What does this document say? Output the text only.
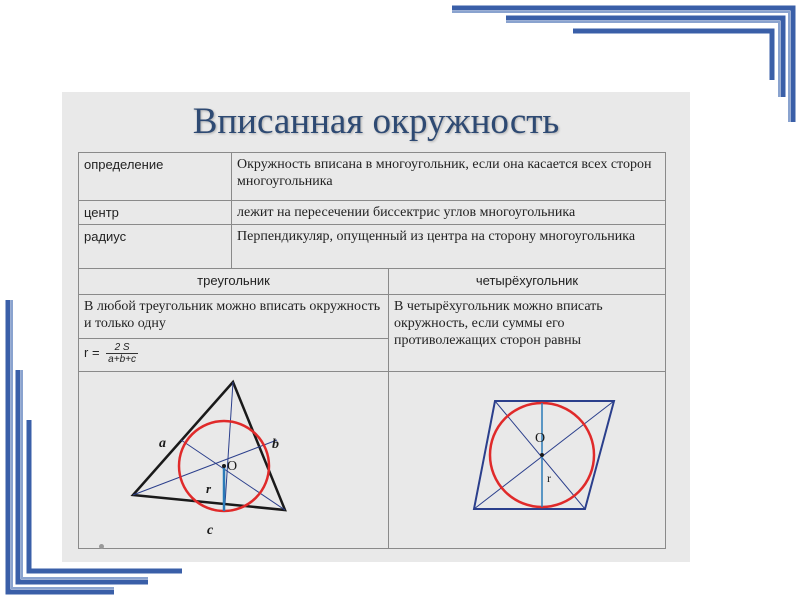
Вписанная окружность
определение	Окружность вписана в многоугольник, если она касается всех сторон многоугольника	
центр	лежит на пересечении биссектрис углов многоугольника	
радиус	Перпендикуляр, опущенный из центра на сторону многоугольника	
треугольник		четырёхугольник
В любой треугольник можно вписать окружность и только одну		В четырёхугольник можно вписать окружность, если суммы его противолежащих сторон равны
$r = \frac{2 S}{a+b+c}$

a b
c
O
r		O
r
